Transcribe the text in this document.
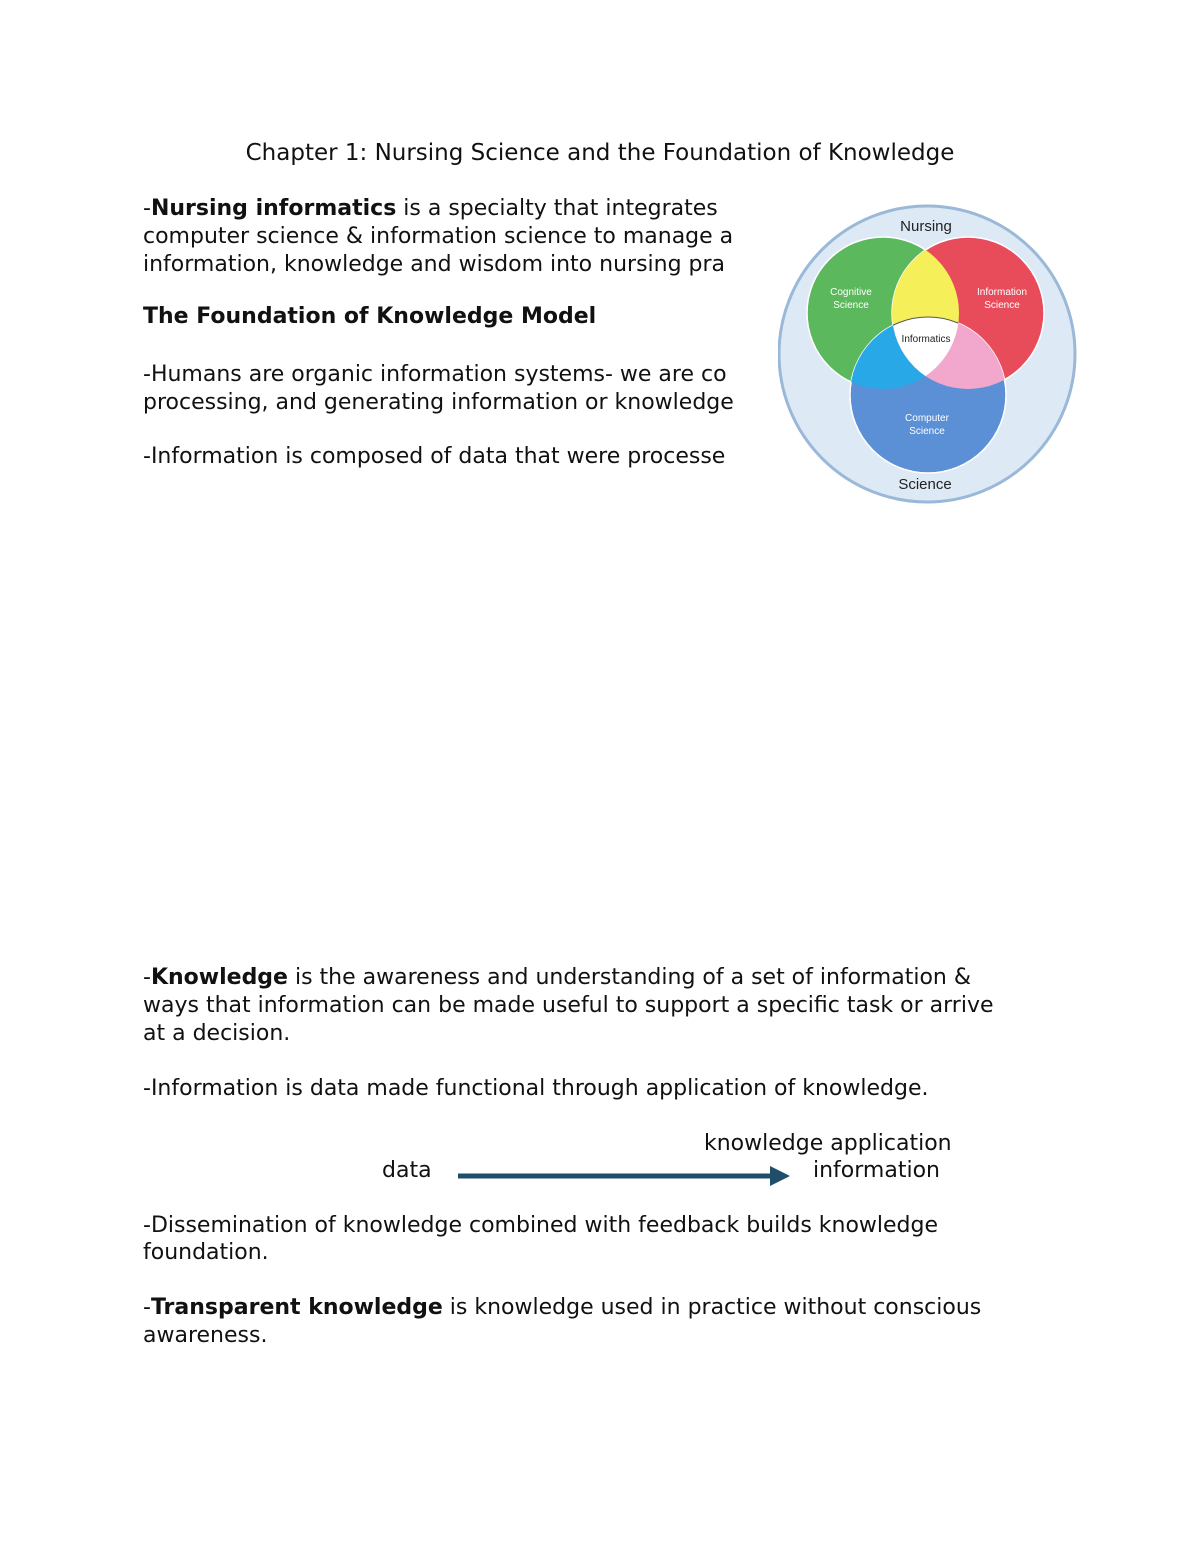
Chapter 1: Nursing Science and the Foundation of Knowledge

-Nursing informatics is a specialty that integrates
computer science & information science to manage a
information, knowledge and wisdom into nursing pra

The Foundation of Knowledge Model

-Humans are organic information systems- we are co
processing, and generating information or knowledge
-Information is composed of data that were processe
Nursing
Science
Cognitive
Science
Information
Science
Computer
Science
Informatics
-Knowledge is the awareness and understanding of a set of information &
ways that information can be made useful to support a specific task or arrive
at a decision.
-Information is data made functional through application of knowledge.
knowledge application
data	information
-Dissemination of knowledge combined with feedback builds knowledge
foundation.
-Transparent knowledge is knowledge used in practice without conscious
awareness.
